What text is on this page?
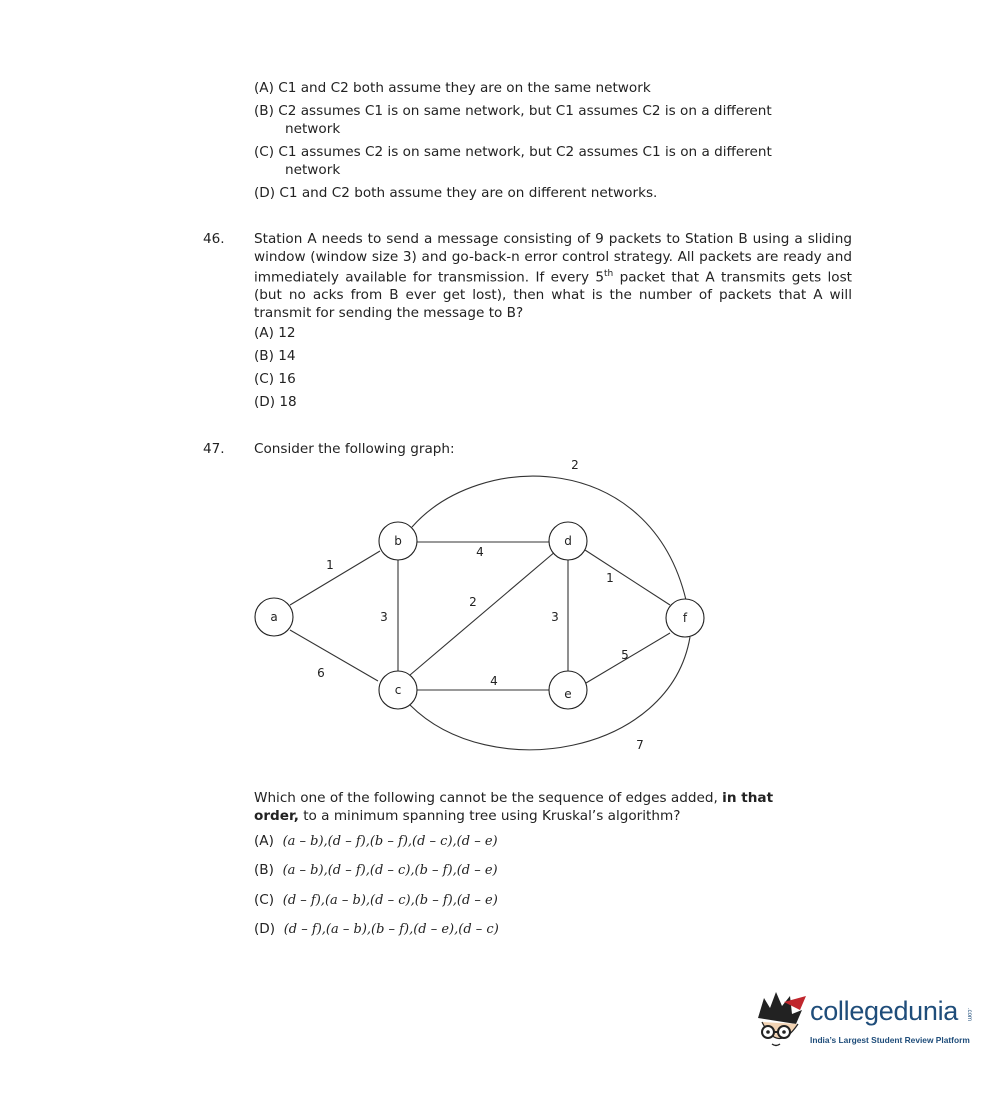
(A) C1 and C2 both assume they are on the same network
(B) C2 assumes C1 is on same network, but C1 assumes C2 is on a different
network
(C) C1 assumes C2 is on same network, but C2 assumes C1 is on a different
network
(D) C1 and C2 both assume they are on different networks.
46. Station A needs to send a message consisting of 9 packets to Station B using a sliding window (window size 3) and go-back-n error control strategy. All packets are ready and immediately available for transmission. If every 5th packet that A transmits gets lost (but no acks from B ever get lost), then what is the number of packets that A will transmit for sending the message to B?
(A) 12
(B) 14
(C) 16
(D) 18
47. Consider the following graph:
a
b
c
d
e
f
1
6
3
4
2
4
3
1
5
2
7
Which one of the following cannot be the sequence of edges added, in that
order, to a minimum spanning tree using Kruskal’s algorithm?
(A) (a – b),(d – f),(b – f),(d – c),(d – e)
(B) (a – b),(d – f),(d – c),(b – f),(d – e)
(C) (d – f),(a – b),(d – c),(b – f),(d – e)
(D) (d – f),(a – b),(b – f),(d – e),(d – c)
collegedunia .com
India’s Largest Student Review Platform
